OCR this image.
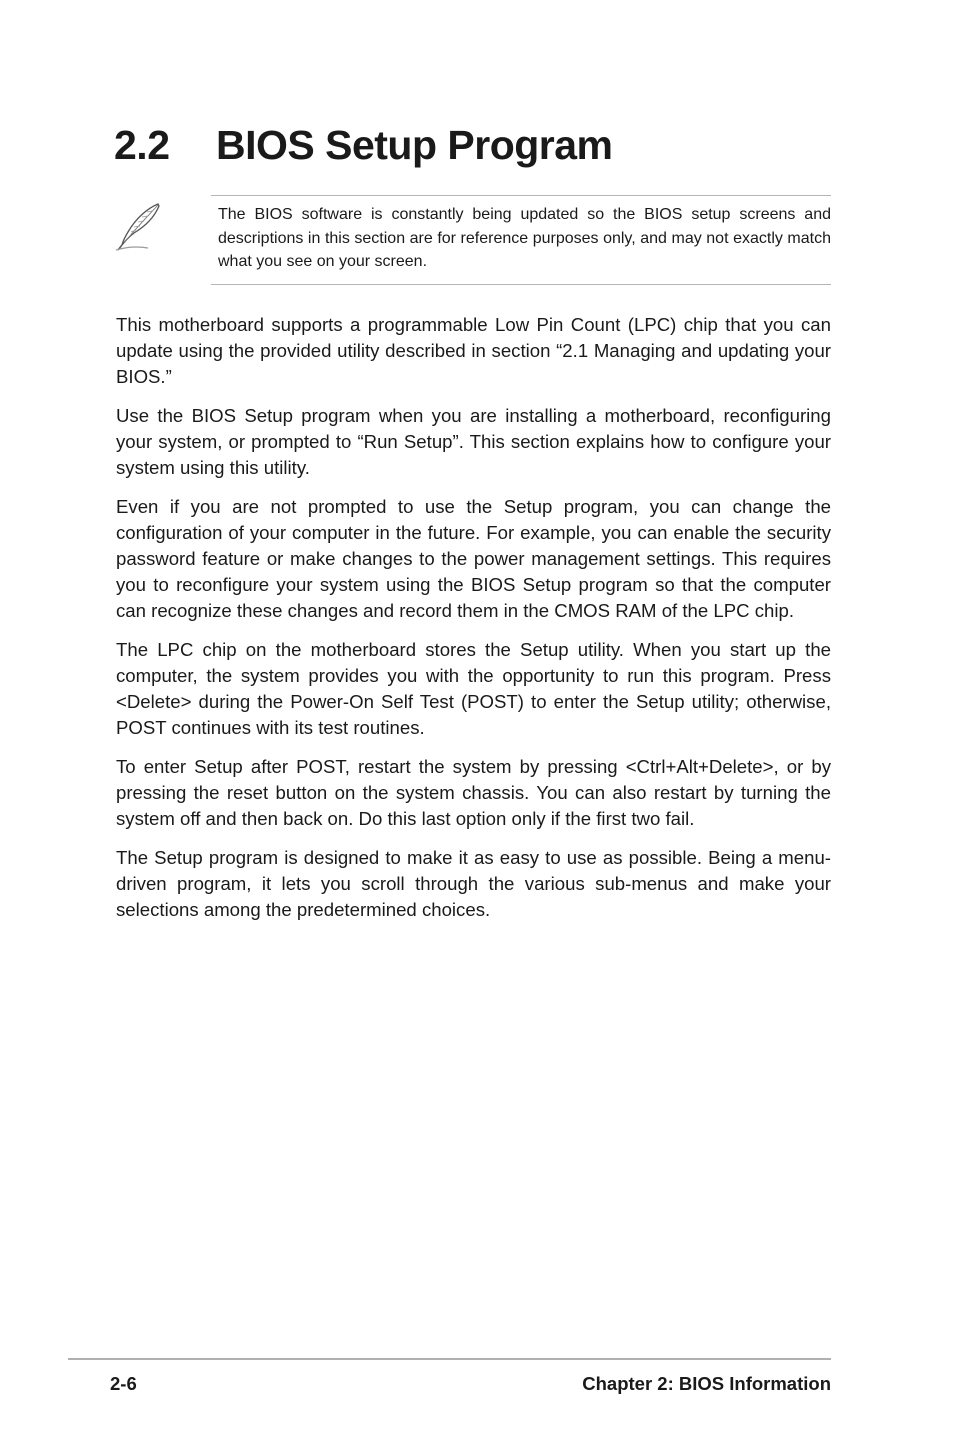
2.2 BIOS Setup Program

The BIOS software is constantly being updated so the BIOS setup screens and descriptions in this section are for reference purposes only, and may not exactly match what you see on your screen.

This motherboard supports a programmable Low Pin Count (LPC) chip that you can update using the provided utility described in section “2.1 Managing and updating your BIOS.”

Use the BIOS Setup program when you are installing a motherboard, reconfiguring your system, or prompted to “Run Setup”. This section explains how to configure your system using this utility.

Even if you are not prompted to use the Setup program, you can change the configuration of your computer in the future. For example, you can enable the security password feature or make changes to the power management settings. This requires you to reconfigure your system using the BIOS Setup program so that the computer can recognize these changes and record them in the CMOS RAM of the LPC chip.

The LPC chip on the motherboard stores the Setup utility. When you start up the computer, the system provides you with the opportunity to run this program. Press <Delete> during the Power-On Self Test (POST) to enter the Setup utility; otherwise, POST continues with its test routines.

To enter Setup after POST, restart the system by pressing <Ctrl+Alt+Delete>, or by pressing the reset button on the system chassis. You can also restart by turning the system off and then back on. Do this last option only if the first two fail.

The Setup program is designed to make it as easy to use as possible. Being a menu-driven program, it lets you scroll through the various sub-menus and make your selections among the predetermined choices.

2-6	Chapter 2: BIOS Information
